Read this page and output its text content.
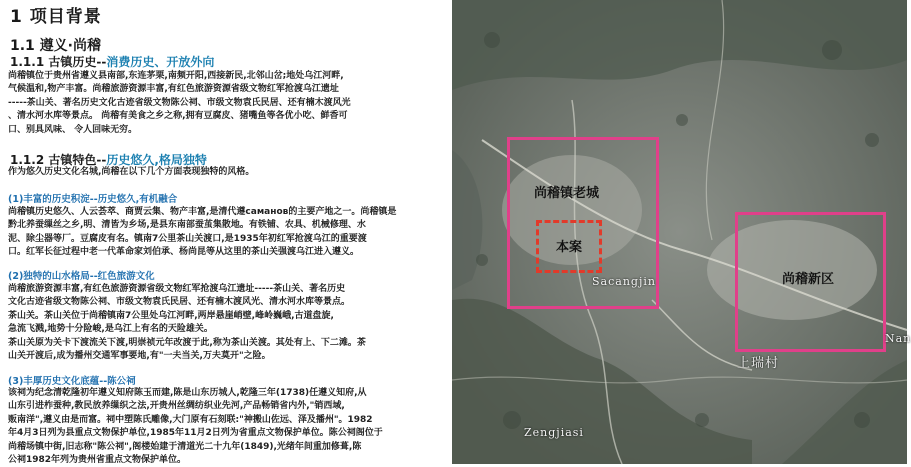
1 项目背景
1.1 遵义·尚稽
1.1.1 古镇历史--消费历史、开放外向
尚稽镇位于贵州省遵义县南部,东连茅栗,南频开阳,西接新民,北邻山岔;地处乌江河畔,
气候温和,物产丰富。尚稽旅游资源丰富,有红色旅游资源省级文物红军抢渡乌江遗址
-----茶山关、著名历史文化古迹省级文物陈公祠、市级文物袁氏民居、还有楠木渡风光
、清水河水库等景点。 尚稽有美食之乡之称,拥有豆腐皮、猪嘴鱼等各优小吃、鲜香可
口、别具风味、 令人回味无穷。
1.1.2 古镇特色--历史悠久,格局独特
作为悠久历史文化名城,尚稽在以下几个方面表现独特的风格。
(1)丰富的历史积淀--历史悠久,有机融合
尚稽镇历史悠久、人云荟萃、商贾云集、物产丰富,是清代遵саманов的主要产地之一。尚稽镇是
黔北养蚕缫丝之乡,明、清皆为乡场,是县东南部蚕茧集散地。有铁铺、农具、机械修理、水
泥、除尘器等厂。豆腐皮有名。镇南7公里茶山关渡口,是1935年初红军抢渡乌江的重要渡
口。红军长征过程中老一代革命家刘伯承、杨尚昆等从这里的茶山关强渡乌江进入遵义。
(2)独特的山水格局--红色旅游文化
尚稽旅游资源丰富,有红色旅游资源省级文物红军抢渡乌江遗址-----茶山关、著名历史
文化古迹省级文物陈公祠、市级文物袁氏民居、还有楠木渡风光、清水河水库等景点。
茶山关。茶山关位于尚稽镇南7公里处乌江河畔,两岸悬崖峭壁,峰岭巍峨,古道盘旋,
急流飞溅,地势十分险峻,是乌江上有名的天险雄关。
茶山关原为关卡下渡流关下渡,明崇祯元年改渡于此,称为茶山关渡。其处有上、下二滩。茶
山关开渡后,成为播州交通军事要地,有"一夫当关,万夫莫开"之险。
(3)丰厚历史文化底蕴--陈公祠
该祠为纪念清乾隆初年遵义知府陈玉而建,陈是山东历城人,乾隆三年(1738)任遵义知府,从
山东引进柞蚕种,教民放养缫织之法,开贵州丝绸纺织业先河,产品畅销省内外,"销西域,
贩南洋",遵义由是而富。祠中塑陈氏雕像,大门原有石刻联:"神搬山佐远、泽及播州"。1982
年4月3日列为县重点文物保护单位,1985年11月2日列为省重点文物保护单位。陈公祠阁位于
尚稽场镇中街,旧志称"陈公祠",阁楼始建于清道光二十九年(1849),光绪年间重加修葺,陈
公祠1982年列为贵州省重点文物保护单位。
尚稽镇老城
本案
尚稽新区
Sacangjin
上瑞村
Zengjiasi
Nan
